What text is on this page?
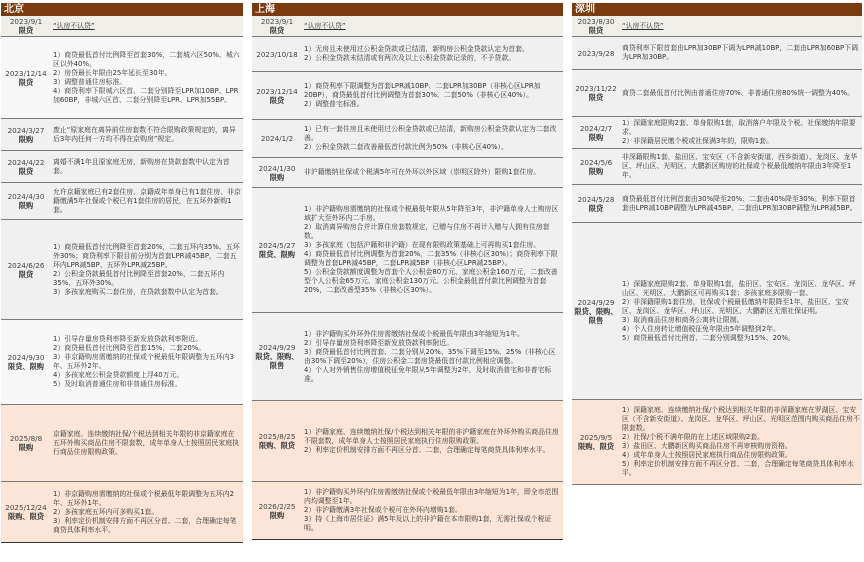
北京
2023/9/1
限贷

“认房不认贷”

2023/12/14
限贷

1）商贷最低首付比例降至首套30%，二套城六区50%、城六区以外40%。

2）房贷最长年限由25年延长至30年。

3）调整普通住房标准。

4）商贷利率下限城六区首、二套分别降至LPR加10BP、LPR加60BP，非城六区首、二套分别降至LPR、LPR加55BP。

2024/3/27
限购

废止“原家庭在离异前住房套数不符合限购政策规定的，离异后3年内任何一方均不得在京购房”规定。

2024/4/22
限贷

离婚不满1年且原家庭无房，新购房在贷款套数中认定为首套。

2024/4/30
限购

允许京籍家庭已有2套住房、京籍成年单身已有1套住房、非京籍缴满5年社保或个税已有1套住房的居民，在五环外新购1套。

2024/6/26
限贷

1）商贷最低首付比例降至首套20%，二套五环内35%、五环外30%；商贷利率下限目前分别为首套LPR减45BP，二套五环内LPR减5BP、五环外LPR减25BP。

2）公积金贷款最低首付比例降至首套20%，二套五环内35%、五环外30%。

3）多孩家庭购买二套住房，在贷款套数中认定为首套。

2024/9/30
限贷、限购

1）引导存量房贷利率降至新发放贷款利率附近。

2）商贷最低首付比例降至首套15%，二套20%。

3）非京籍购房需缴纳的社保或个税最低年限调整为五环内3年、五环外2年。

4）多孩家庭公积金贷款额度上浮40万元。

5）及时取消普通住房和非普通住房标准。

2025/8/8
限购

京籍家庭、连续缴纳社保/个税达到相关年限的非京籍家庭在五环外购买商品住房不限套数，成年单身人士按照居民家庭执行商品住房限购政策。

2025/12/24
限购、限贷

1）非京籍购房需缴纳的社保或个税最低年限调整为五环内2年、五环外1年。

2）多孩家庭五环内可多购买1套。

3）利率定价机制安排方面不再区分首、二套，合理确定每笔商贷具体利率水平。

上海
2023/9/1
限贷

“认房不认贷”

2023/10/18

1）无房且未使用过公积金贷款或已结清，新购房公积金贷款认定为首套。

2）公积金贷款未结清或有两次及以上公积金贷款记录的，不予贷款。

2023/12/14
限贷

1）商贷利率下限调整为首套LPR减10BP、二套LPR加30BP（非核心区LPR加20BP），商贷最低首付比例调整为首套30%、二套50%（非核心区40%）。

2）调整普宅标准。

2024/1/2

1）已有一套住房且未使用过公积金贷款或已结清，新购房公积金贷款认定为二套改善。

2）公积金贷款二套改善最低首付款比例为50%（非核心区40%）。

2024/1/30
限购

非沪籍缴纳社保或个税满5年可在外环以外区域（崇明区除外）限购1套住房。

2024/5/27
限贷、限购

1）非沪籍购房需缴纳的社保或个税最低年限从5年降至3年，非沪籍单身人士购房区域扩大至外环内二手房。

2）取消离异购房合并计算住房套数规定，已赠与住房不再计入赠与人拥有住房套数。

3）多孩家庭（包括沪籍和非沪籍）在现有限购政策基础上可再购买1套住房。

4）商贷最低首付比例调整为首套20%，二套35%（非核心区30%）；商贷利率下限调整为首套LPR减45BP，二套LPR减5BP（非核心区LPR减25BP）。

5）公积金贷款额度调整为首套个人公积金80万元、家庭公积金160万元，二套改善型个人公积金65万元、家庭公积金130万元。公积金最低首付款比例调整为首套20%，二套改善型35%（非核心区30%）。

2024/9/29
限贷、限购、限售

1）非沪籍购买外环外住房需缴纳社保或个税最低年限由3年缩短为1年。

2）引导存量房贷利率降至新发放贷款利率附近。

3）商贷最低首付比例首套、二套分别从20%、35%下调至15%、25%（非核心区由30%下调至20%），住房公积金二套房贷最低首付款比例相应调整。

4）个人对外销售住房增值税征免年限从5年调整为2年，及时取消普宅和非普宅标准。

2025/8/25
限购、限贷

1）沪籍家庭、连续缴纳社保/个税达到相关年限的非沪籍家庭在外环外购买商品住房不限套数，成年单身人士按照居民家庭执行住房限购政策。

2）利率定价机制安排方面不再区分首、二套，合理确定每笔商贷具体利率水平。

2026/2/25
限购

1）非沪籍购买外环内住房需缴纳社保或个税最低年限由3年缩短为1年，即全市范围内均调整至1年。

2）非沪籍缴满3年社保或个税可在外环内增购1套。

3）持《上海市居住证》满5年及以上的非沪籍在本市限购1套，无需社保或个税证明。

深圳
2023/8/30
限贷

“认房不认贷”

2023/9/28

商贷利率下限首套由LPR加30BP下调为LPR减10BP，二套由LPR加60BP下调为LPR加30BP。

2023/11/22
限贷

商贷二套最低首付比例由普通住房70%、非普通住房80%统一调整为40%。

2024/2/7
限购

1）深籍家庭限购2套、单身限购1套，取消落户年限及个税、社保缴纳年限要求。

2）非深籍居民缴个税或社保满3年的，限购1套。

2024/5/6
限购

非深籍限购1套，盐田区、宝安区（不含新安街道、西乡街道）、龙岗区、龙华区、坪山区、光明区、大鹏新区购房的社保或个税最低缴纳年限由3年降至1年。

2024/5/28
限贷

商贷最低首付比例首套由30%降至20%、二套由40%降至30%。利率下限首套由LPR减10BP调整为LPR减45BP、二套由LPR加30BP调整为LPR减5BP。

2024/9/29
限贷、限购、限售

1）深籍家庭限购2套、单身限购1套，盐田区、宝安区、龙岗区、龙华区、坪山区、光明区、大鹏新区可再购买1套；多孩家庭多限购一套。

2）非深籍限购1套住房，社保或个税最低缴纳年限降至1年，盐田区、宝安区、龙岗区、龙华区、坪山区、光明区、大鹏新区无需社保证明。

3）取消商品住房和商务公寓转让限制。

4）个人住房转让增值税征免年限由5年调整到2年。

5）商贷最低首付比例首、二套分别调整为15%、20%。

2025/9/5
限购、限贷

1）深籍家庭、连续缴纳社保/个税达到相关年限的非深籍家庭在罗湖区、宝安区（不含新安街道）、龙岗区、龙华区、坪山区、光明区范围内购买商品住房不限套数。

2）社保/个税不满年限的在上述区域限购2套。

3）盐田区、大鹏新区购买商品住房不再审核购房资格。

4）成年单身人士按照居民家庭执行商品住房限购政策。

5）利率定价机制安排方面不再区分首、二套，合理确定每笔商贷具体利率水平。
